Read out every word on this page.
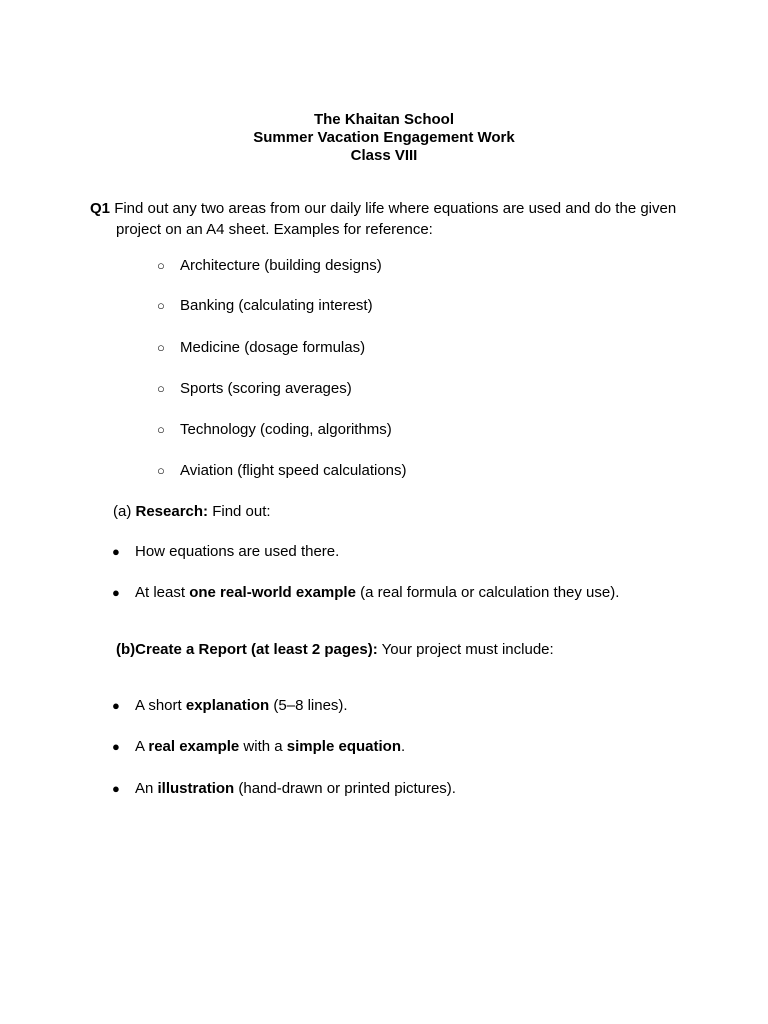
The Khaitan School
Summer Vacation Engagement Work
Class VIII
Q1 Find out any two areas from our daily life where equations are used and do the given
project on an A4 sheet. Examples for reference:
○ Architecture (building designs)
○ Banking (calculating interest)
○ Medicine (dosage formulas)
○ Sports (scoring averages)
○ Technology (coding, algorithms)
○ Aviation (flight speed calculations)
(a) Research: Find out:
● How equations are used there.
● At least one real-world example (a real formula or calculation they use).
(b)Create a Report (at least 2 pages): Your project must include:
● A short explanation (5–8 lines).
● A real example with a simple equation.
● An illustration (hand-drawn or printed pictures).
